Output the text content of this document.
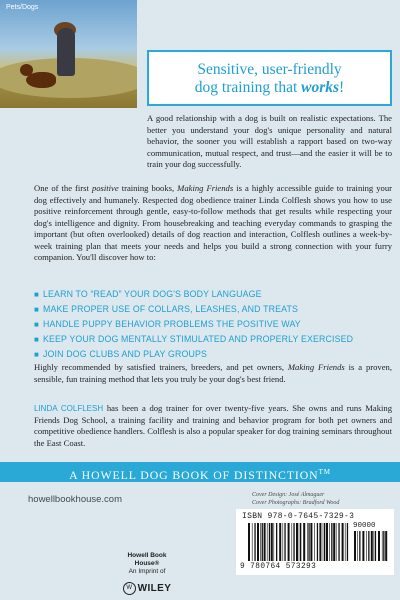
Pets/Dogs
Sensitive, user-friendly
dog training that works!

A good relationship with a dog is built on realistic expectations. The better you understand your dog's unique personality and natural behavior, the sooner you will establish a rapport based on two-way communication, mutual respect, and trust—and the easier it will be to train your dog successfully.

One of the first positive training books, Making Friends is a highly accessible guide to training your dog effectively and humanely. Respected dog obedience trainer Linda Colflesh shows you how to use positive reinforcement through gentle, easy-to-follow methods that get results while respecting your dog's intelligence and dignity. From housebreaking and teaching everyday commands to grasping the important (but often overlooked) details of dog reaction and interaction, Colflesh outlines a week-by-week training plan that meets your needs and helps you build a strong connection with your furry companion. You'll discover how to:

■ LEARN TO “READ” YOUR DOG'S BODY LANGUAGE
■ MAKE PROPER USE OF COLLARS, LEASHES, AND TREATS
■ HANDLE PUPPY BEHAVIOR PROBLEMS THE POSITIVE WAY
■ KEEP YOUR DOG MENTALLY STIMULATED AND PROPERLY EXERCISED
■ JOIN DOG CLUBS AND PLAY GROUPS

Highly recommended by satisfied trainers, breeders, and pet owners, Making Friends is a proven, sensible, fun training method that lets you truly be your dog's best friend.

LINDA COLFLESH has been a dog trainer for over twenty-five years. She owns and runs Making Friends Dog School, a training facility and training and behavior program for both pet owners and competitive obedience handlers. Colflesh is also a popular speaker for dog training seminars throughout the East Coast.

A HOWELL DOG BOOK OF DISTINCTION™
howellbookhouse.com	Cover Design: José Almaguer
Cover Photographs: Bradford Wood
ISBN 978-0-7645-7329-3
90000
9 780764 573293
Howell Book House®
An Imprint of
W WILEY
